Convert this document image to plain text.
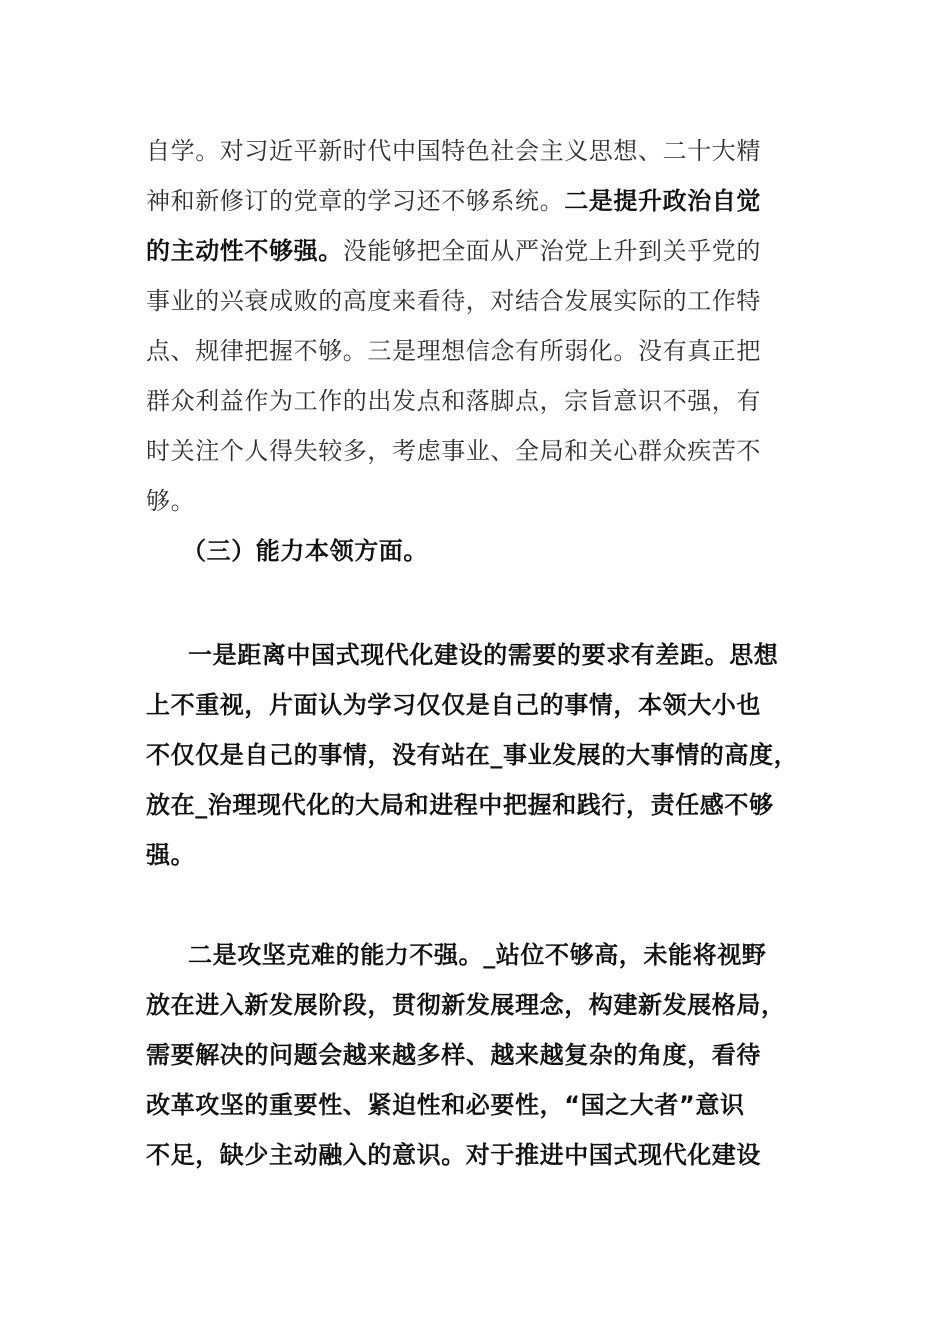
自学。对习近平新时代中国特色社会主义思想、二十大精
神和新修订的党章的学习还不够系统。二是提升政治自觉
的主动性不够强。没能够把全面从严治党上升到关乎党的
事业的兴衰成败的高度来看待，对结合发展实际的工作特
点、规律把握不够。三是理想信念有所弱化。没有真正把
群众利益作为工作的出发点和落脚点，宗旨意识不强，有
时关注个人得失较多，考虑事业、全局和关心群众疾苦不
够。
（三）能力本领方面。
一是距离中国式现代化建设的需要的要求有差距。思想
上不重视，片面认为学习仅仅是自己的事情，本领大小也
不仅仅是自己的事情，没有站在_事业发展的大事情的高度，
放在_治理现代化的大局和进程中把握和践行，责任感不够
强。
二是攻坚克难的能力不强。_站位不够高，未能将视野
放在进入新发展阶段，贯彻新发展理念，构建新发展格局，
需要解决的问题会越来越多样、越来越复杂的角度，看待
改革攻坚的重要性、紧迫性和必要性，“国之大者”意识
不足，缺少主动融入的意识。对于推进中国式现代化建设
